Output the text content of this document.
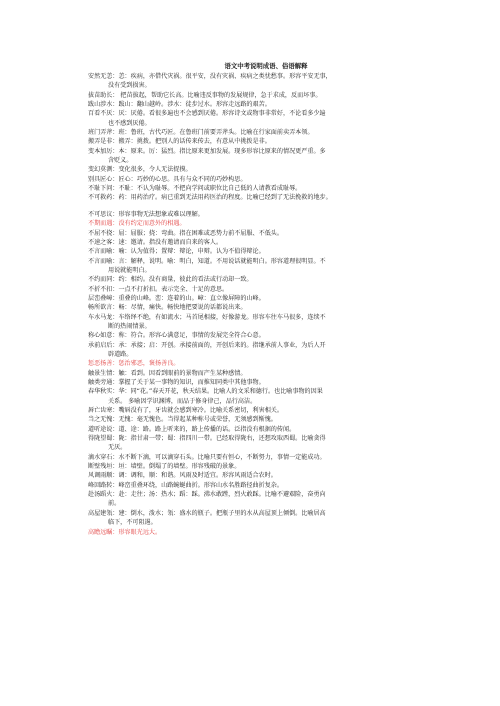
语文中考说明成语、俗语解释
安然无恙：恙：疾病，亦借代灾祸。很平安，没有灾祸、疾病之类忧愁事。形容平安无事，
没有受到损害。
拔苗助长： 把苗拔起，帮助它长高。比喻违反事物的发展规律，急于求成，反而坏事。
跋山涉水：跋山：翻山越岭。涉水：徒步过水。形容走远路的艰苦。
百看不厌：厌：厌倦。看很多遍也不会感到厌倦。形容诗文或物事非常好，不论看多少遍
也不感到厌倦。
班门弄斧：班：鲁班，古代巧匠。在鲁班门前要弄斧头。比喻在行家面前卖弄本领。
搬弄是非：搬弄：挑拨。把别人的话传来传去，有意从中挑拨是非。
变本加厉：本：原来。厉：猛烈。指比原来更加发展。现多形容比原来的情况更严重。多
含贬义。
变幻莫测：变化很多，令人无法捉摸。
别具匠心：匠心：巧妙的心思。具有与众不同的巧妙构思。
不耻下问：不耻：不认为耻辱。不把向学问或职位比自己低的人请教看成耻辱。
不可救药：药：用药治疗。病已重到无法用药医治的程度。比喻已经到了无法挽救的地步。
不可思议：形容事物无法想象或难以理解。
不期而遇：没有约定而意外的相遇。
不屈不挠：屈：屈服；挠：弯曲。指在困难或恶势力前不屈服、不低头。
不速之客：速：邀请。指没有邀请而自来的客人。
不言而喻：喻：认为值得；置辩：辩论，申辩。认为不值得辩论。
不言而喻：言：解释，说明。喻：明白，知道。不用说话就能明白。形容道理很明显。不
用说就能明白。
不约而同：约：相约。没有商量，彼此的看法或行动却一致。
不折不扣：一点不打折扣。表示完全、十足的意思。
层峦叠嶂：重叠的山峰。峦：连着的山。嶂：直立像屏障的山峰。
畅所欲言：畅：尽情，痛快。畅快地把要说的话都说出来。
车水马龙：车络绎不绝，有如流水；马首尾相接，好像游龙。形容车往车马很多，连续不
断的热闹情景。
称心如意：称：符合。形容心满意足，事情的发展完全符合心意。
承前启后：承：承接；启：开创。承接前面的，开创后来的。指继承前人事业，为后人开
辟道路。
惩恶扬善：惩治邪恶，褒扬善良。
触景生情：触：看到。因看到眼前的景物而产生某种感情。
触类旁通：掌握了关于某一事物的知识，而推知同类中其他事物。
春华秋实：华：同“花。”春天开花，秋天结果。比喻人的文采和德行。也比喻事物的因果
关系。 多喻因学识渊博，而品于修身律己，品行高洁。
唇亡齿寒：嘴唇没有了，牙齿就会感到寒冷。比喻关系密切，利害相关。
当之无愧：无愧：毫无愧色。当得起某种称号或荣誉，无须感到惭愧。
道听途说：道、途：路。路上听来的，路上传播的话。泛指没有根据的传闻。
得陇望蜀：陇：指甘肃一带；蜀：指四川一带。已经取得陇右，还想攻取西蜀。比喻贪得
无厌。
滴水穿石：水不断下滴，可以滴穿石头。比喻只要有恒心，不断努力，事情一定能成功。
断壁残垣：垣：墙壁。倒塌了的墙壁。形容残破的景象。
风调雨顺：调：调和，顺：和谐。风雨及时适宜。形容风雨适合农时。
峰回路转：峰峦重叠环绕，山路蜿蜒曲折。形容山水名胜路径曲折复杂。
赴汤蹈火：赴：走往；汤：热水；蹈：踩。沸水敢蹚，烈火敢踩。比喻不避艰险，奋勇向
前。
高屋建瓴：建：倒水，泼水；瓴：盛水的瓶子。把瓶子里的水从高屋顶上倾倒。比喻居高
临下，不可阻遏。
高瞻远瞩：形容眼光远大。
